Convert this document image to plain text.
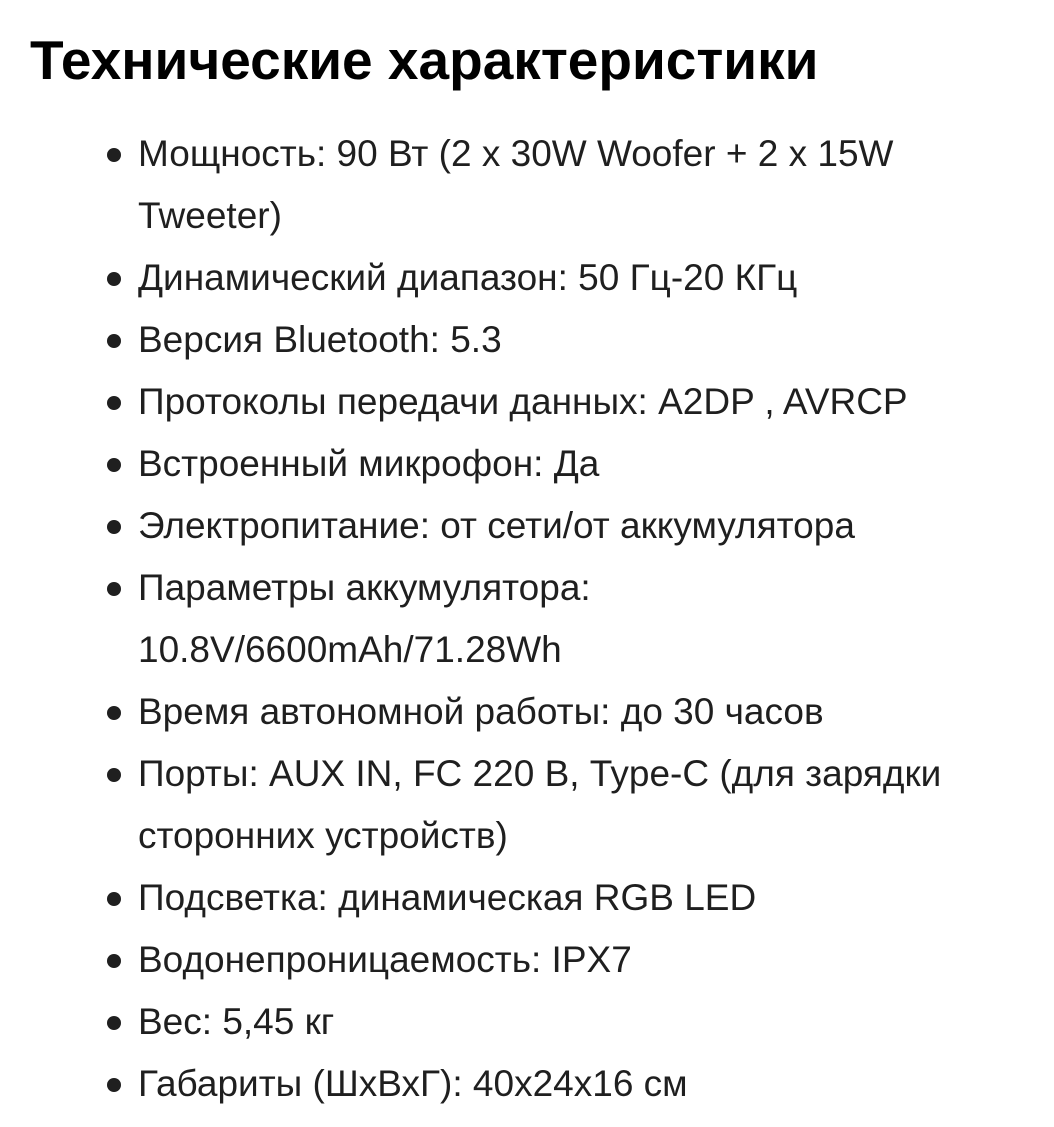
Технические характеристики
Мощность: 90 Вт (2 x 30W Woofer + 2 x 15W
Tweeter)
Динамический диапазон: 50 Гц-20 КГц
Версия Bluetooth: 5.3
Протоколы передачи данных: A2DP , AVRCP
Встроенный микрофон: Да
Электропитание: от сети/от аккумулятора
Параметры аккумулятора:
10.8V/6600mAh/71.28Wh
Время автономной работы: до 30 часов
Порты: AUX IN, FC 220 В, Type-C (для зарядки
сторонних устройств)
Подсветка: динамическая RGB LED
Водонепроницаемость: IPX7
Вес: 5,45 кг
Габариты (ШхВхГ): 40x24x16 см
